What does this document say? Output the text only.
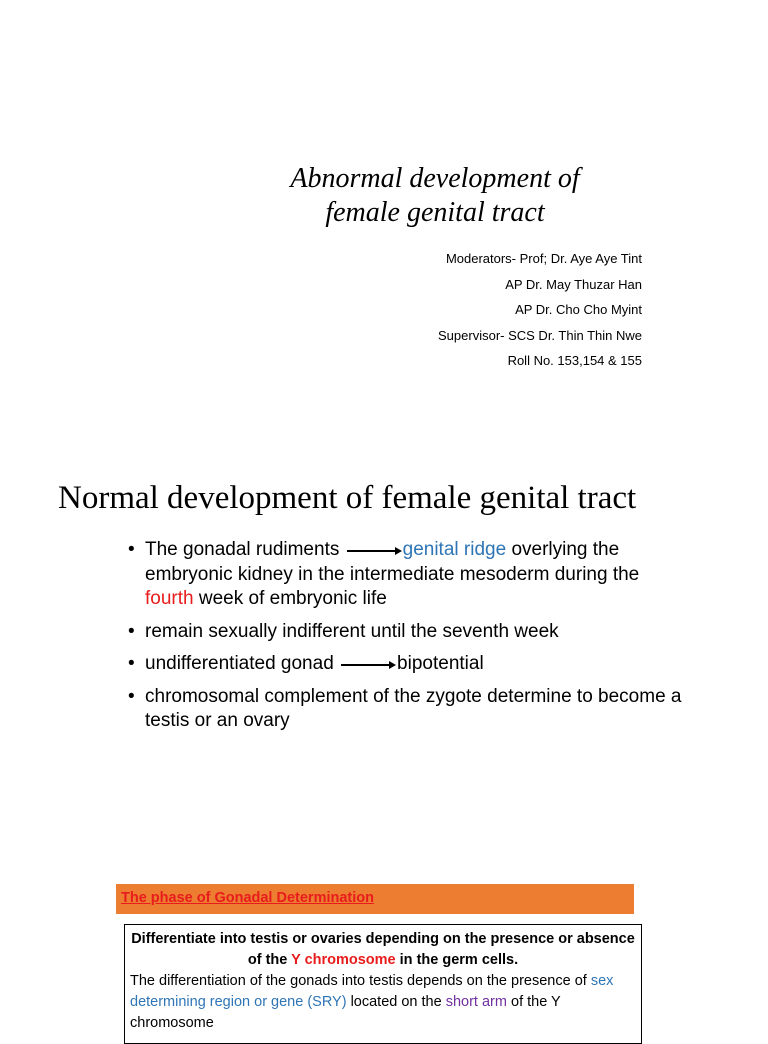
Abnormal development of
female genital tract
Moderators- Prof; Dr. Aye Aye Tint
AP Dr. May Thuzar Han
AP Dr. Cho Cho Myint
Supervisor- SCS Dr. Thin Thin Nwe
Roll No. 153,154 & 155
Normal development of female genital tract
• The gonadal rudiments	genital ridge overlying the embryonic kidney in the intermediate mesoderm during the fourth week of embryonic life
• remain sexually indifferent until the seventh week
• undifferentiated gonad	bipotential
• chromosomal complement of the zygote determine to become a testis or an ovary
The phase of Gonadal Determination
Differentiate into testis or ovaries depending on the presence or absence of the Y chromosome in the germ cells.
The differentiation of the gonads into testis depends on the presence of sex determining region or gene (SRY) located on the short arm of the Y chromosome
